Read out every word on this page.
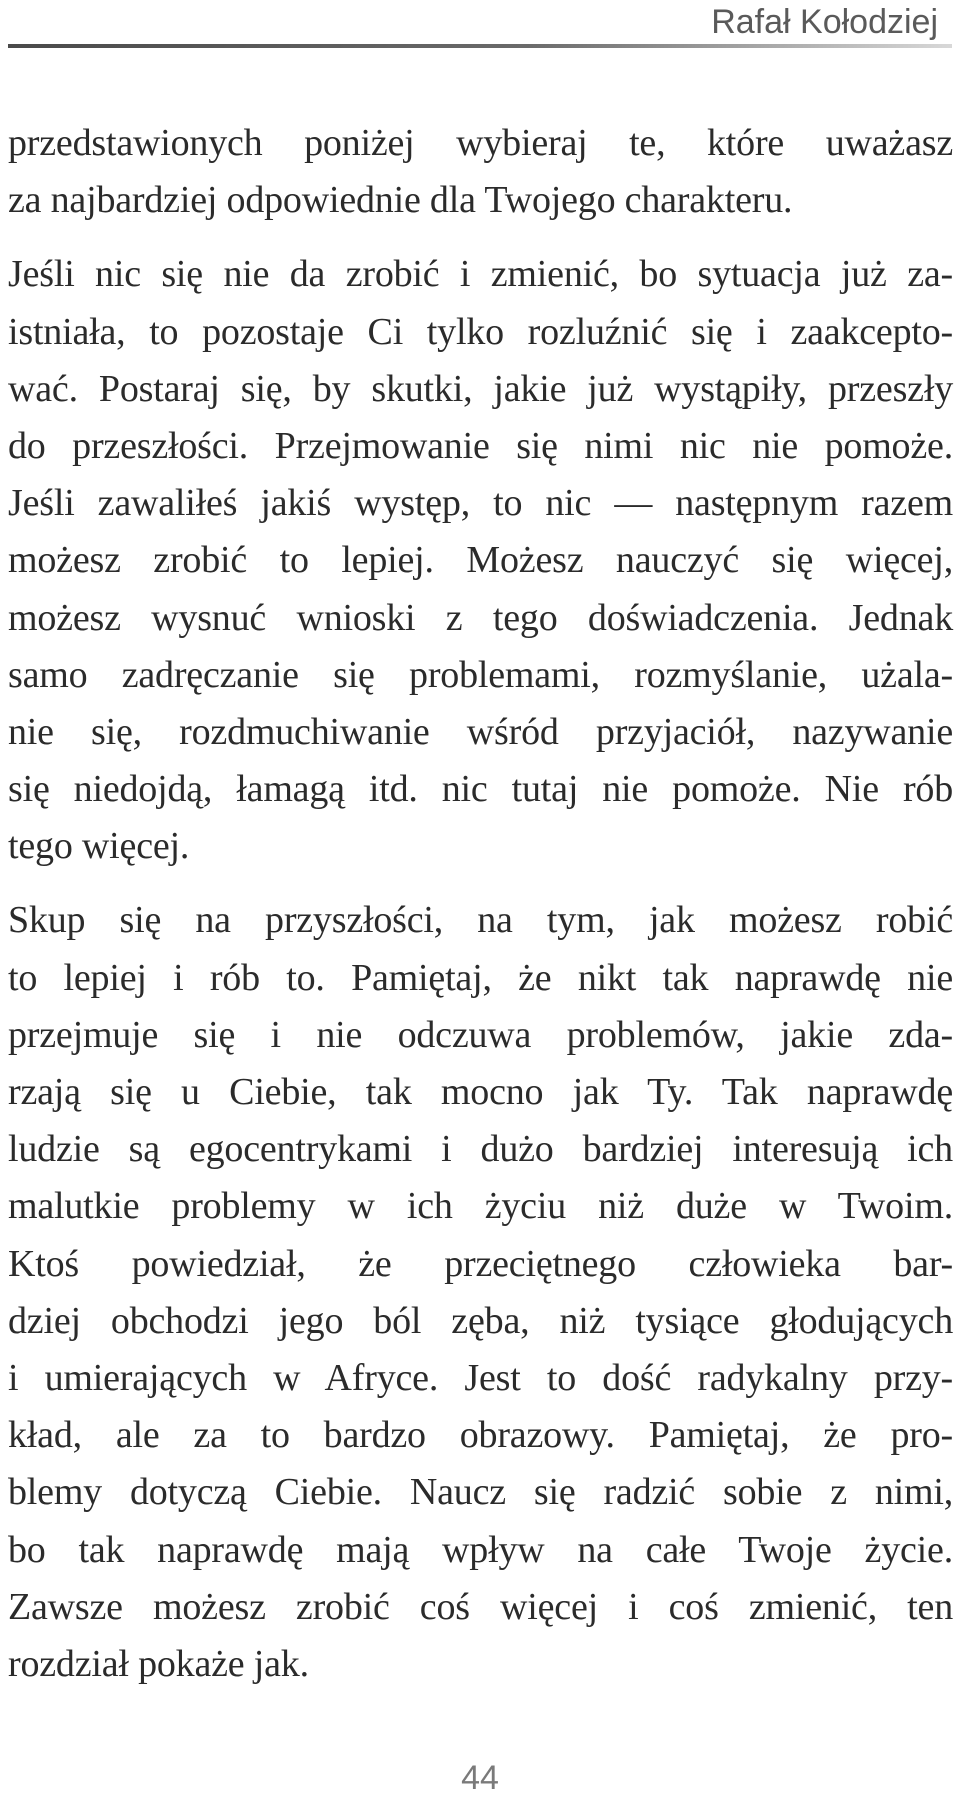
Rafał Kołodziej
przedstawionych poniżej wybieraj te, które uważasz
za najbardziej odpowiednie dla Twojego charakteru.
Jeśli nic się nie da zrobić i zmienić, bo sytuacja już za-
istniała, to pozostaje Ci tylko rozluźnić się i zaakcepto-
wać. Postaraj się, by skutki, jakie już wystąpiły, przeszły
do przeszłości. Przejmowanie się nimi nic nie pomoże.
Jeśli zawaliłeś jakiś występ, to nic — następnym razem
możesz zrobić to lepiej. Możesz nauczyć się więcej,
możesz wysnuć wnioski z tego doświadczenia. Jednak
samo zadręczanie się problemami, rozmyślanie, użala-
nie się, rozdmuchiwanie wśród przyjaciół, nazywanie
się niedojdą, łamagą itd. nic tutaj nie pomoże. Nie rób
tego więcej.
Skup się na przyszłości, na tym, jak możesz robić
to lepiej i rób to. Pamiętaj, że nikt tak naprawdę nie
przejmuje się i nie odczuwa problemów, jakie zda-
rzają się u Ciebie, tak mocno jak Ty. Tak naprawdę
ludzie są egocentrykami i dużo bardziej interesują ich
malutkie problemy w ich życiu niż duże w Twoim.
Ktoś powiedział, że przeciętnego człowieka bar-
dziej obchodzi jego ból zęba, niż tysiące głodujących
i umierających w Afryce. Jest to dość radykalny przy-
kład, ale za to bardzo obrazowy. Pamiętaj, że pro-
blemy dotyczą Ciebie. Naucz się radzić sobie z nimi,
bo tak naprawdę mają wpływ na całe Twoje życie.
Zawsze możesz zrobić coś więcej i coś zmienić, ten
rozdział pokaże jak.
44
